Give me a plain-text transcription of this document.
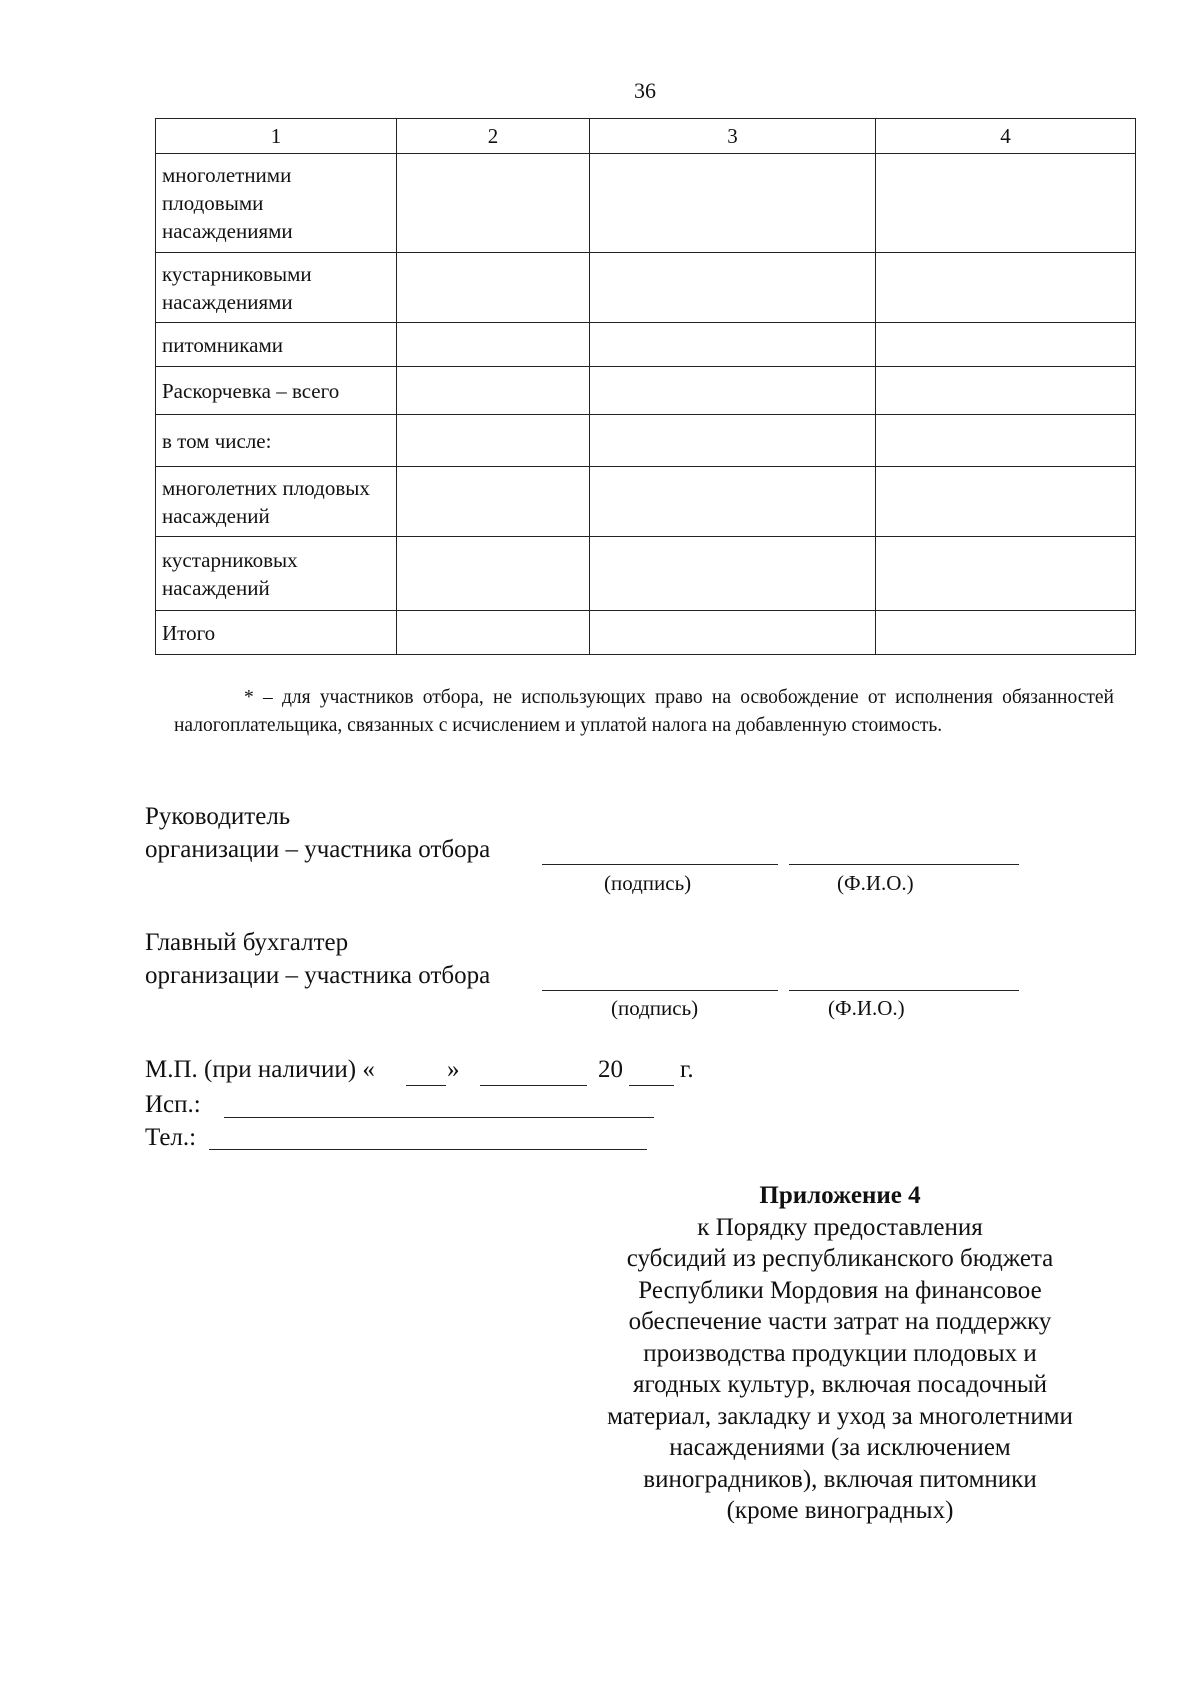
36
1	2	3	4
многолетними плодовыми насаждениями			
кустарниковыми насаждениями			
питомниками			
Раскорчевка – всего			
в том числе:			
многолетних плодовых насаждений			
кустарниковых насаждений			
Итого			
* – для участников отбора, не использующих право на освобождение от исполнения обязанностей налогоплательщика, связанных с исчислением и уплатой налога на добавленную стоимость.
Руководитель
организации – участника отбора
(подпись)	(Ф.И.О.)
Главный бухгалтер
организации – участника отбора
(подпись)	(Ф.И.О.)
М.П. (при наличии) «	»	20 г.
Исп.:
Тел.:
Приложение 4
к Порядку предоставления
субсидий из республиканского бюджета
Республики Мордовия на финансовое
обеспечение части затрат на поддержку
производства продукции плодовых и
ягодных культур, включая посадочный
материал, закладку и уход за многолетними
насаждениями (за исключением
виноградников), включая питомники
(кроме виноградных)
